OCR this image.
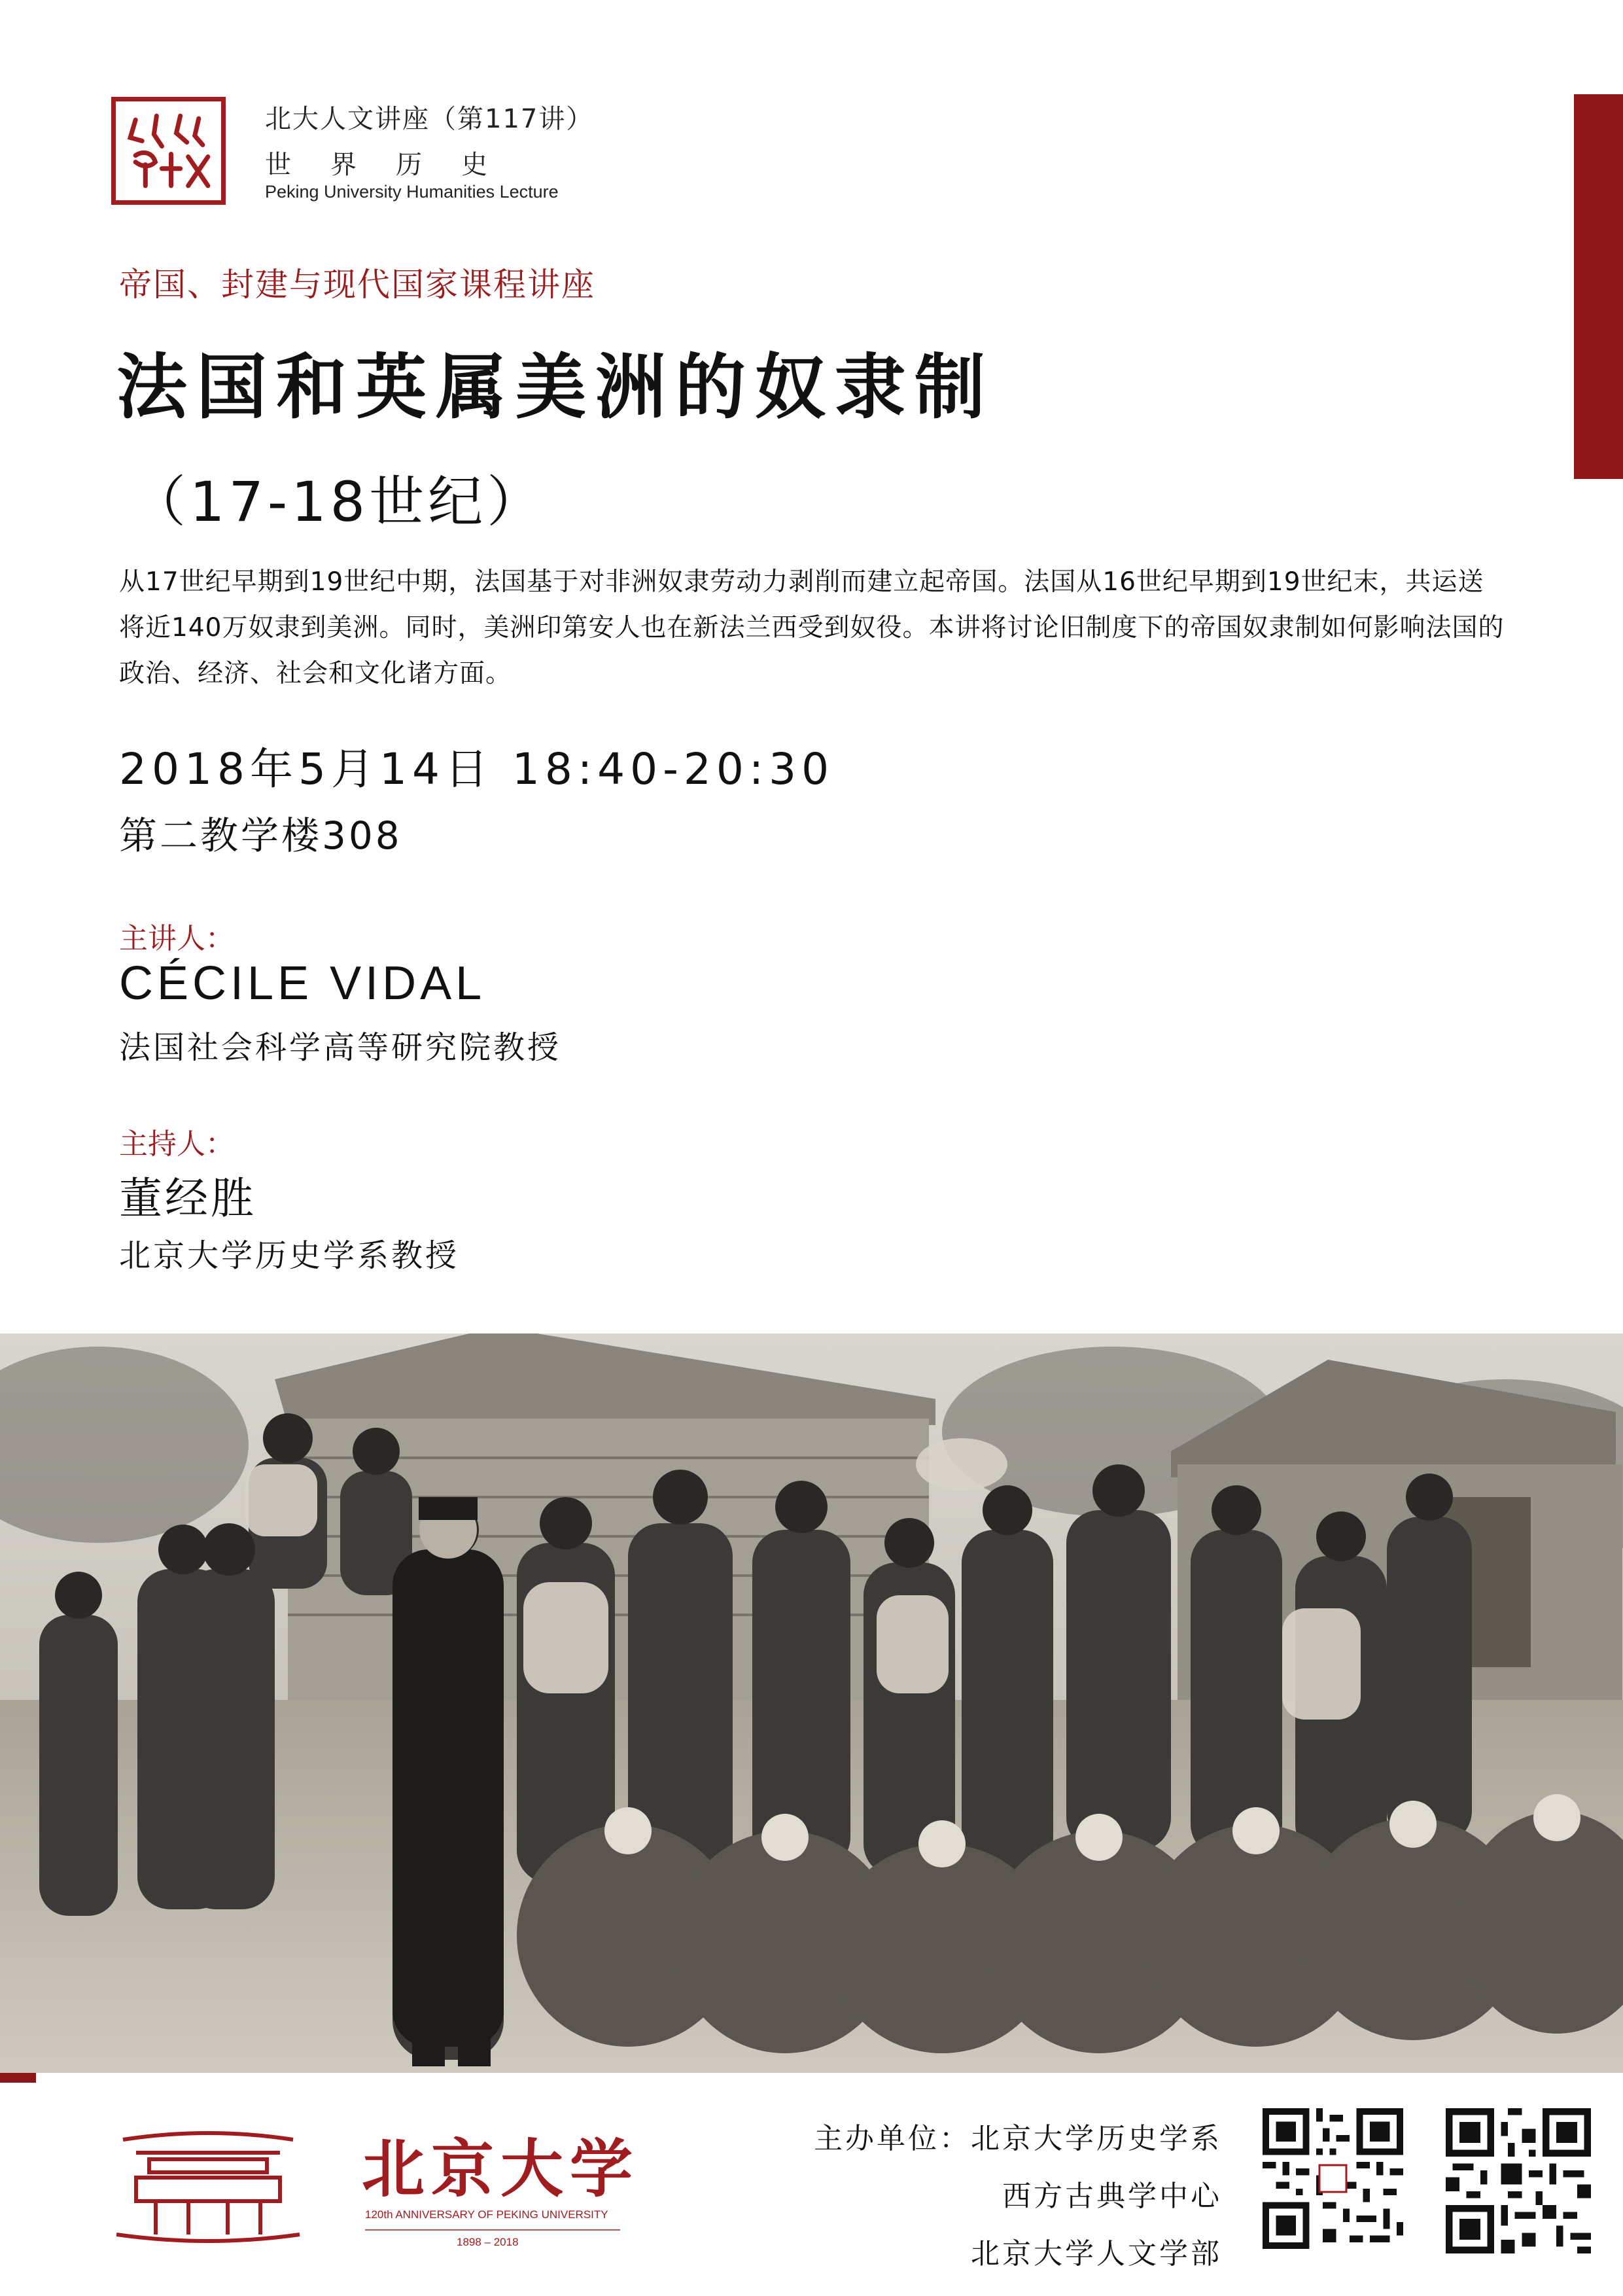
北大人文讲座（第117讲）
世界历史
Peking University Humanities Lecture
帝国、封建与现代国家课程讲座
法国和英属美洲的奴隶制
（17-18世纪）
从17世纪早期到19世纪中期，法国基于对非洲奴隶劳动力剥削而建立起帝国。法国从16世纪早期到19世纪末，共运送将近140万奴隶到美洲。同时，美洲印第安人也在新法兰西受到奴役。本讲将讨论旧制度下的帝国奴隶制如何影响法国的政治、经济、社会和文化诸方面。
2018年5月14日 18:40-20:30
第二教学楼308
主讲人：
CÉCILE VIDAL
法国社会科学高等研究院教授
主持人：
董经胜
北京大学历史学系教授
北京大学
120th ANNIVERSARY OF PEKING UNIVERSITY
1898 – 2018
主办单位：北京大学历史学系
西方古典学中心
北京大学人文学部
